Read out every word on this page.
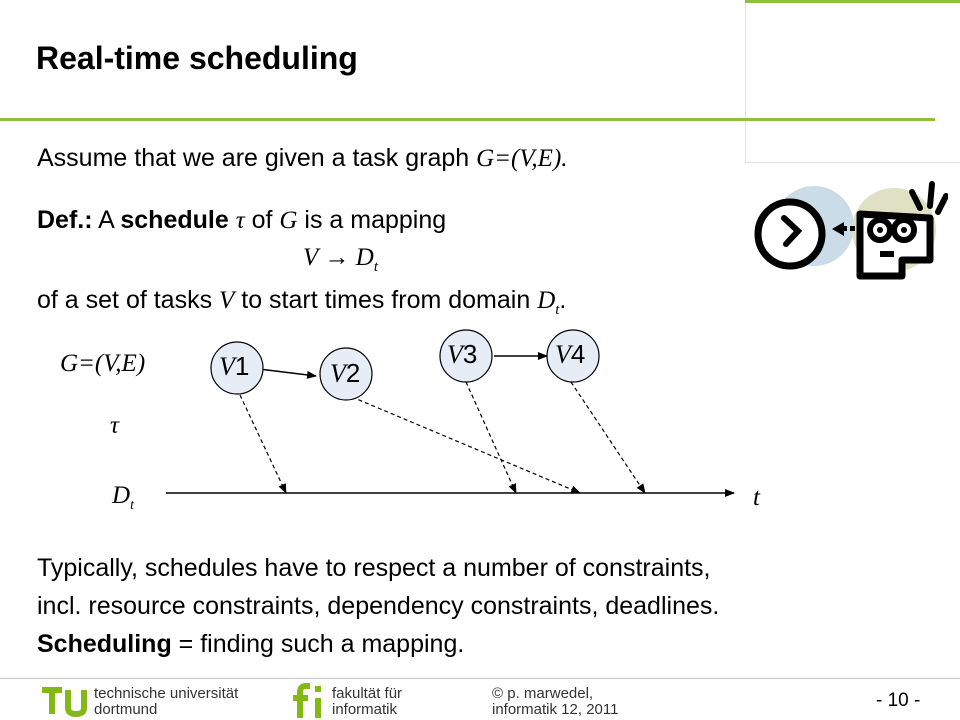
Real-time scheduling
Assume that we are given a task graph G=(V,E).
Def.: A schedule τ of G is a mapping
$V \to D_t$
of a set of tasks V to start times from domain $D_t$.
V1	V2
V3	V4
G=(V,E)
τ
$D_t$	t
Typically, schedules have to respect a number of constraints,
incl. resource constraints, dependency constraints, deadlines.
Scheduling = finding such a mapping.
technische universität
dortmund
fakultät für
informatik
© p. marwedel,
informatik 12, 2011	- 10 -
